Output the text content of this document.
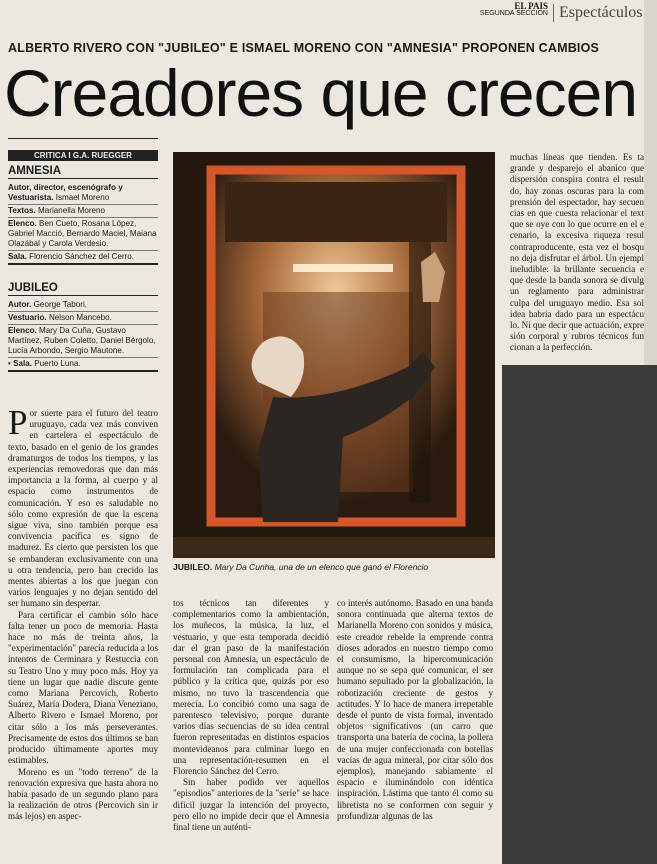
EL PAIS
SEGUNDA SECCION Espectáculos
ALBERTO RIVERO CON "JUBILEO" E ISMAEL MORENO CON "AMNESIA" PROPONEN CAMBIOS
Creadores que crecen
CRITICA I G.A. RUEGGER
AMNESIA
Autor, director, escenógrafo y Vestuarista. Ismael Moreno
Textos. Marianella Moreno
Elenco. Ben Cueto, Rosana López, Gabriel Macció, Bernardo Maciel, Maiana Olazábal y Carola Verdesio.
Sala. Florencio Sánchez del Cerro.
JUBILEO
Autor. George Tabori.
Vestuario. Nelson Mancebo.
Elenco. Mary Da Cuña, Gustavo Martínez, Ruben Coletto, Daniel Bérgolo, Lucía Arbondo, Sergio Mautone.
• Sala. Puerto Luna.
JUBILEO. Mary Da Cunha, una de un elenco que ganó el Florencio

Por suerte para el futuro del teatro uruguayo, cada vez más conviven en cartelera el espectáculo de texto, basado en el genio de los grandes dramaturgos de todos los tiempos, y las experiencias removedoras que dan más importancia a la forma, al cuerpo y al espacio como instrumentos de comunicación. Y eso es saludable no sólo como expresión de que la escena sigue viva, sino también porque esa convivencia pacífica es signo de madurez. Es cierto que persisten los que se embanderan exclusivamente con una u otra tendencia, pero han crecido las mentes abiertas a los que juegan con varios lenguajes y no dejan sentido del ser humano sin despertar.

Para certificar el cambio sólo hace falta tener un poco de memoria. Hasta hace no más de treinta años, la "experimentación" parecía reducida a los intentos de Cerminara y Restuccia con su Teatro Uno y muy poco más. Hoy ya tiene un lugar que nadie discute gente como Mariana Percovich, Roberto Suárez, María Dodera, Diana Veneziano, Alberto Rivero e Ismael Moreno, por citar sólo a los más perseverantes. Precisamente de estos dos últimos se han producido últimamente aportes muy estimables.

Moreno es un "todo terreno" de la renovación expresiva que hasta ahora no había pasado de un segundo plano para la realización de otros (Percovich sin ir más lejos) en aspec-

tos técnicos tan diferentes y complementarios como la ambientación, los muñecos, la música, la luz, el vestuario, y que esta temporada decidió dar el gran paso de la manifestación personal con Amnesia, un espectáculo de formulación tan complicada para el público y la crítica que, quizás por eso mismo, no tuvo la trascendencia que merecía. Lo concibió como una saga de parentesco televisivo, porque durante varios días secuencias de su idea central fueron representadas en distintos espacios montevideanos para culminar luego en una representación-resumen en el Florencio Sánchez del Cerro.

Sin haber podido ver aquellos "episodios" anteriores de la "serie" se hace difícil juzgar la intención del proyecto, pero ello no impide decir que el Amnesia final tiene un auténti-

co interés autónomo. Basado en una banda sonora continuada que alterna textos de Marianella Moreno con sonidos y música, este creador rebelde la emprende contra dioses adorados en nuestro tiempo como el consumismo, la hipercomunicación aunque no se sepa qué comunicar, el ser humano sepultado por la globalización, la robotización creciente de gestos y actitudes. Y lo hace de manera irrepetable desde el punto de vista formal, inventado objetos significativos (un carro que transporta una batería de cocina, la pollera de una mujer confeccionada con botellas vacías de agua mineral, por citar sólo dos ejemplos), manejando sabiamente el espacio e iluminándolo con idéntica inspiración. Lástima que tanto él como su libretista no se conformen con seguir y profundizar algunas de las

muchas líneas que tienden. Es ta grande y desparejo el abanico que dispersión conspira contra el result do, hay zonas oscuras para la com prensión del espectador, hay secuen cias en que cuesta relacionar el text que se oye con lo que ocurre en el e cenario, la excesiva riqueza resul contraproducente, esta vez el bosqu no deja disfrutar el árbol. Un ejempl ineludible: la brillante secuencia e que desde la banda sonora se divulg un reglamento para administrar culpa del uruguayo medio. Esa sol idea habría dado para un espectácu lo. Ni que decir que actuación, expre sión corporal y rubros técnicos fun cionan a la perfección.
